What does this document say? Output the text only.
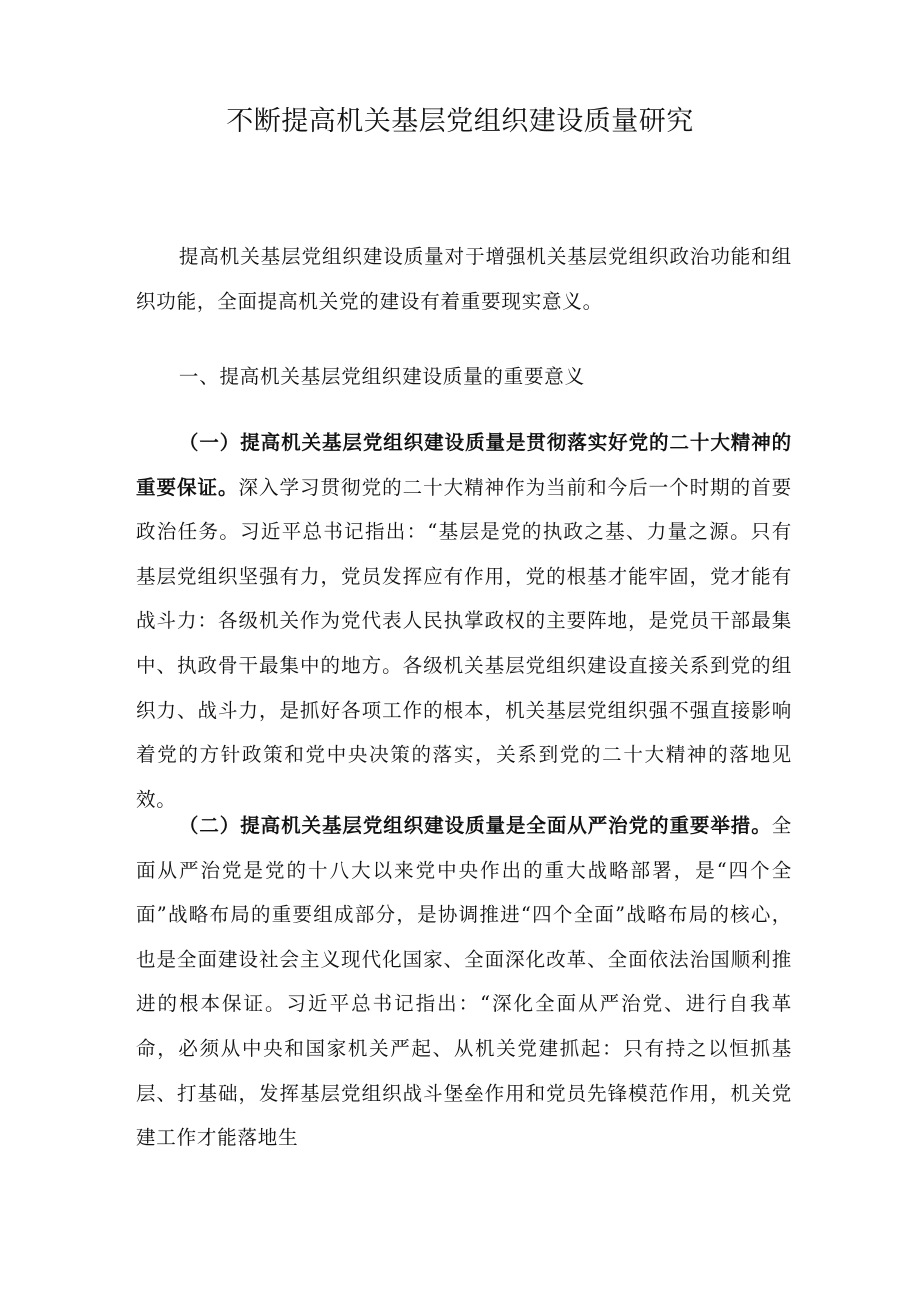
不断提高机关基层党组织建设质量研究

提高机关基层党组织建设质量对于增强机关基层党组织政治功能和组织功能，全面提高机关党的建设有着重要现实意义。

一、提高机关基层党组织建设质量的重要意义

（一）提高机关基层党组织建设质量是贯彻落实好党的二十大精神的重要保证。深入学习贯彻党的二十大精神作为当前和今后一个时期的首要政治任务。习近平总书记指出：“基层是党的执政之基、力量之源。只有基层党组织坚强有力，党员发挥应有作用，党的根基才能牢固，党才能有战斗力：各级机关作为党代表人民执掌政权的主要阵地，是党员干部最集中、执政骨干最集中的地方。各级机关基层党组织建设直接关系到党的组织力、战斗力，是抓好各项工作的根本，机关基层党组织强不强直接影响着党的方针政策和党中央决策的落实，关系到党的二十大精神的落地见效。

（二）提高机关基层党组织建设质量是全面从严治党的重要举措。全面从严治党是党的十八大以来党中央作出的重大战略部署，是“四个全面”战略布局的重要组成部分，是协调推进“四个全面”战略布局的核心，也是全面建设社会主义现代化国家、全面深化改革、全面依法治国顺利推进的根本保证。习近平总书记指出：“深化全面从严治党、进行自我革命，必须从中央和国家机关严起、从机关党建抓起：只有持之以恒抓基层、打基础，发挥基层党组织战斗堡垒作用和党员先锋模范作用，机关党建工作才能落地生
